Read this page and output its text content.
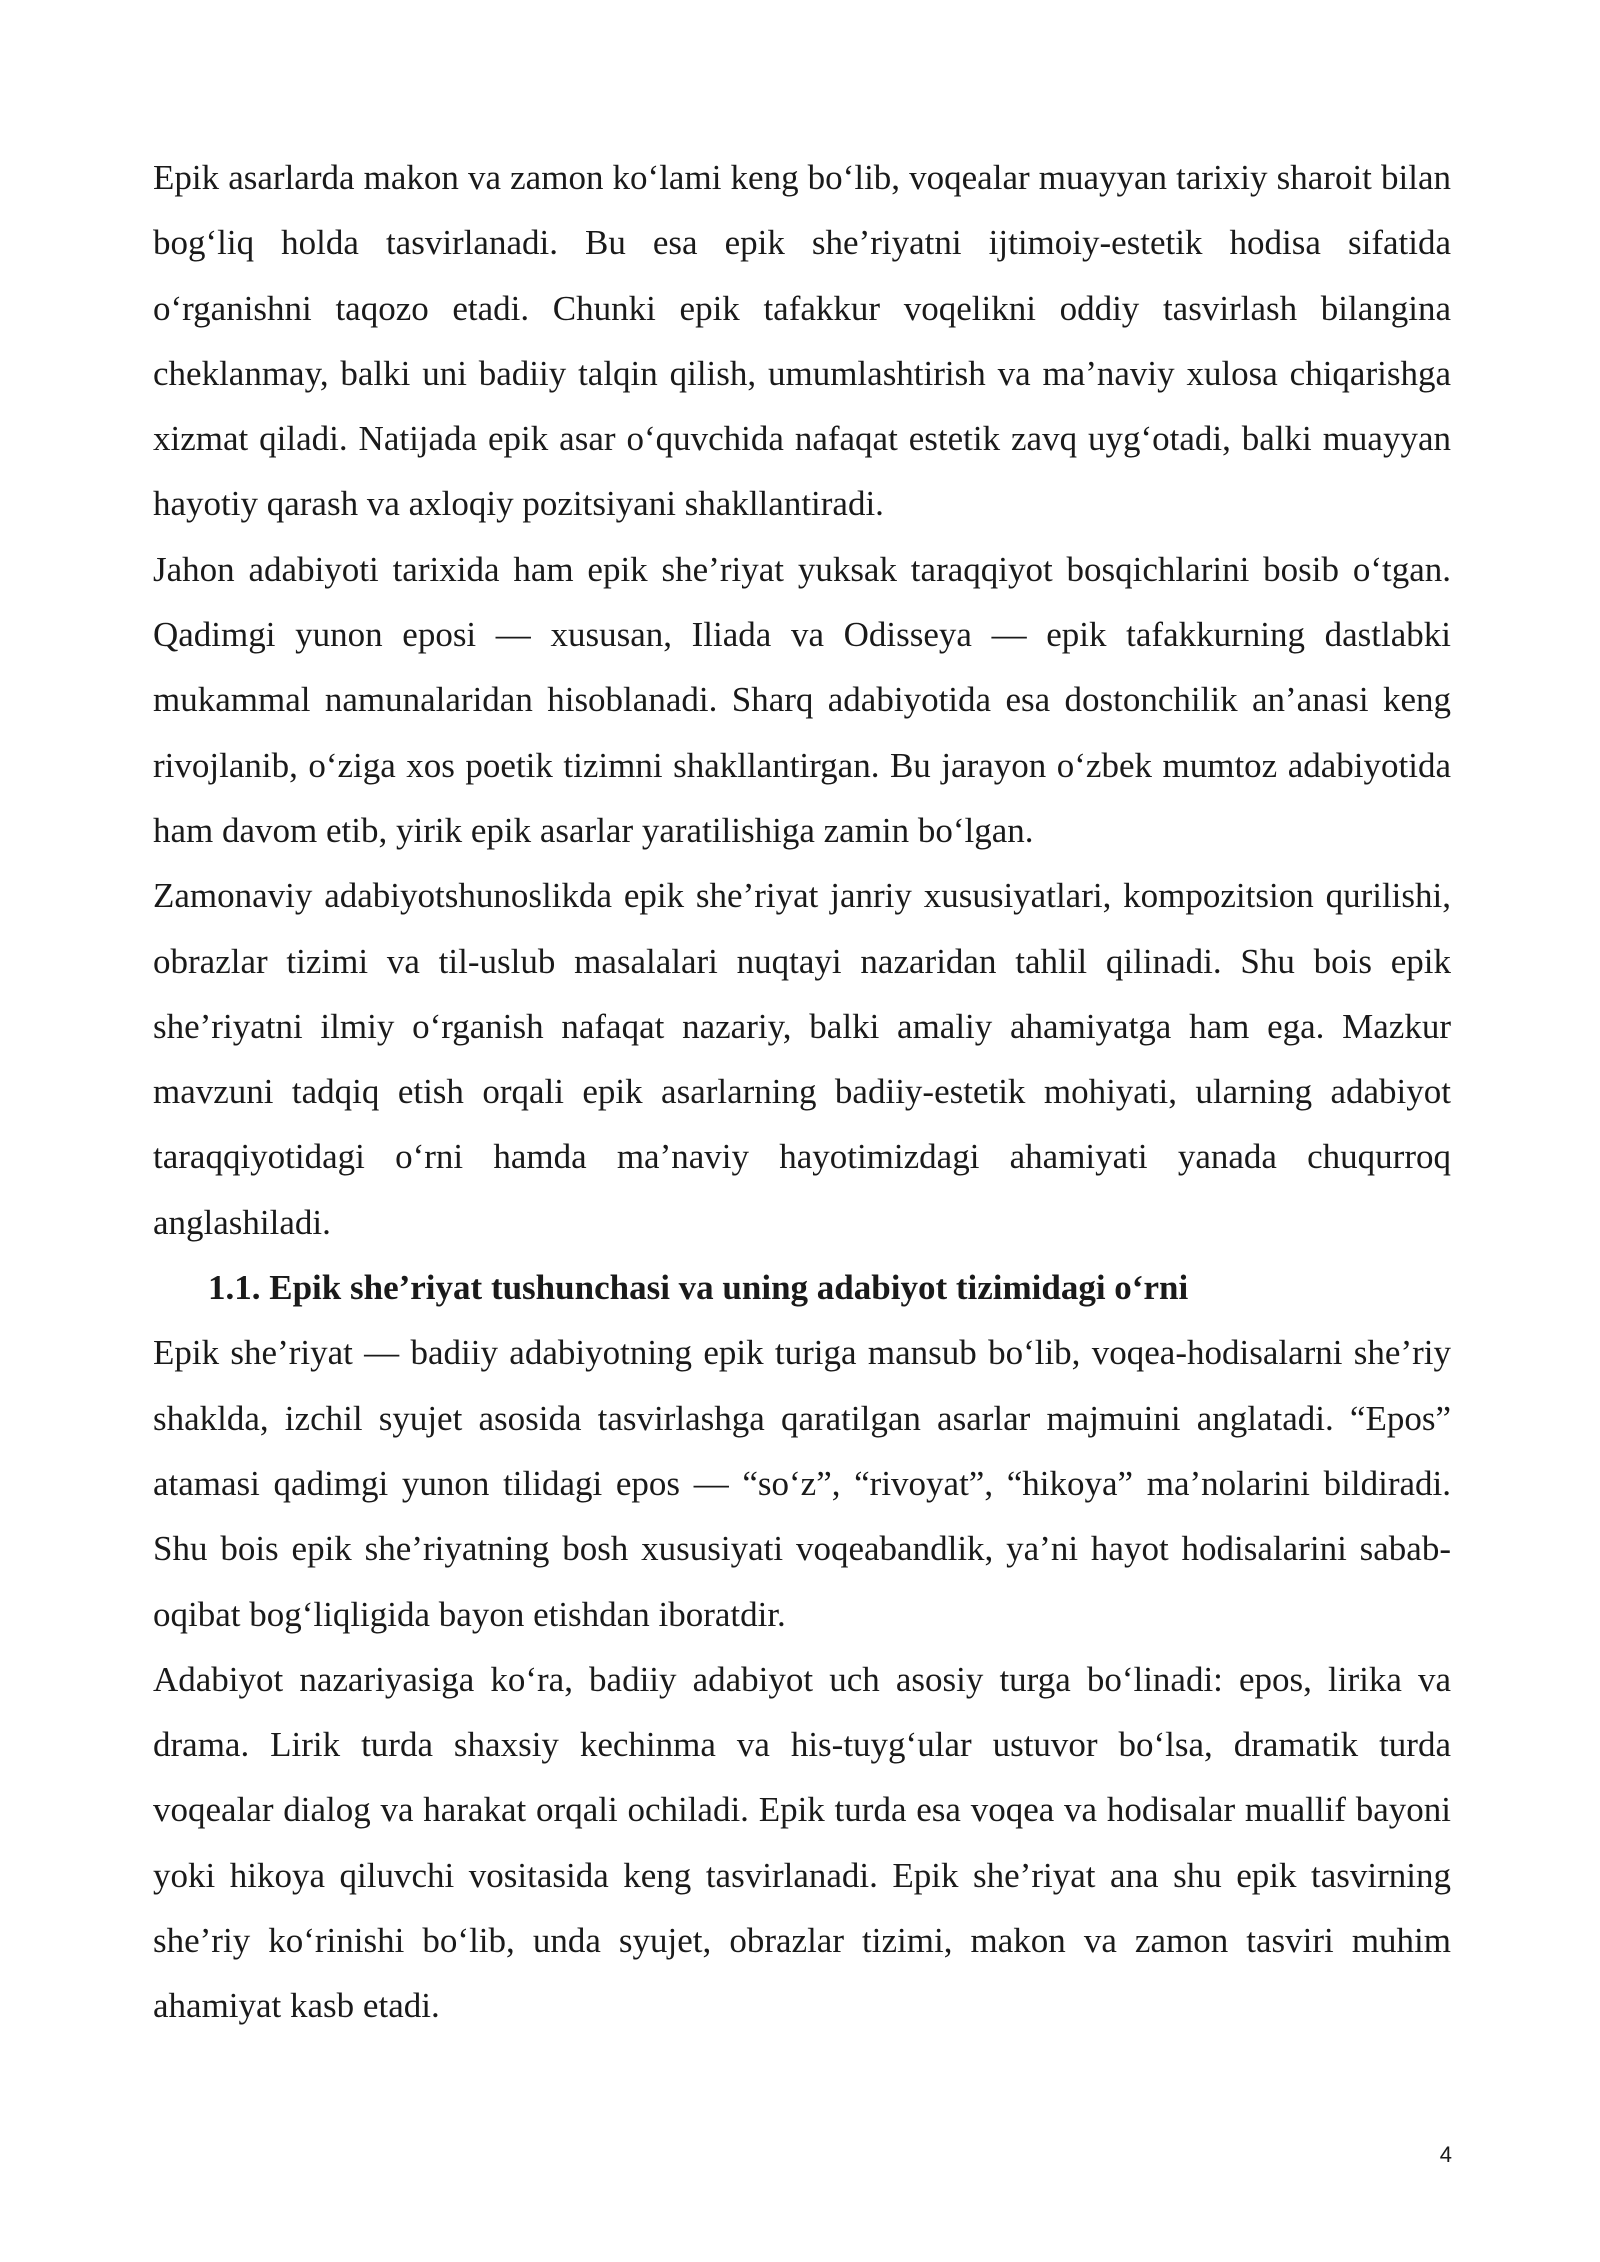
Epik asarlarda makon va zamon ko‘lami keng bo‘lib, voqealar muayyan tarixiy sharoit bilan bog‘liq holda tasvirlanadi. Bu esa epik she’riyatni ijtimoiy-estetik hodisa sifatida o‘rganishni taqozo etadi. Chunki epik tafakkur voqelikni oddiy tasvirlash bilangina cheklanmay, balki uni badiiy talqin qilish, umumlashtirish va ma’naviy xulosa chiqarishga xizmat qiladi. Natijada epik asar o‘quvchida nafaqat estetik zavq uyg‘otadi, balki muayyan hayotiy qarash va axloqiy pozitsiyani shakllantiradi.

Jahon adabiyoti tarixida ham epik she’riyat yuksak taraqqiyot bosqichlarini bosib o‘tgan. Qadimgi yunon eposi — xususan, Iliada va Odisseya — epik tafakkurning dastlabki mukammal namunalaridan hisoblanadi. Sharq adabiyotida esa dostonchilik an’anasi keng rivojlanib, o‘ziga xos poetik tizimni shakllantirgan. Bu jarayon o‘zbek mumtoz adabiyotida ham davom etib, yirik epik asarlar yaratilishiga zamin bo‘lgan.

Zamonaviy adabiyotshunoslikda epik she’riyat janriy xususiyatlari, kompozitsion qurilishi, obrazlar tizimi va til-uslub masalalari nuqtayi nazaridan tahlil qilinadi. Shu bois epik she’riyatni ilmiy o‘rganish nafaqat nazariy, balki amaliy ahamiyatga ham ega. Mazkur mavzuni tadqiq etish orqali epik asarlarning badiiy-estetik mohiyati, ularning adabiyot taraqqiyotidagi o‘rni hamda ma’naviy hayotimizdagi ahamiyati yanada chuqurroq anglashiladi.

1.1. Epik she’riyat tushunchasi va uning adabiyot tizimidagi o‘rni

Epik she’riyat — badiiy adabiyotning epik turiga mansub bo‘lib, voqea-hodisalarni she’riy shaklda, izchil syujet asosida tasvirlashga qaratilgan asarlar majmuini anglatadi. “Epos” atamasi qadimgi yunon tilidagi epos — “so‘z”, “rivoyat”, “hikoya” ma’nolarini bildiradi. Shu bois epik she’riyatning bosh xususiyati voqeabandlik, ya’ni hayot hodisalarini sabab-oqibat bog‘liqligida bayon etishdan iboratdir.

Adabiyot nazariyasiga ko‘ra, badiiy adabiyot uch asosiy turga bo‘linadi: epos, lirika va drama. Lirik turda shaxsiy kechinma va his-tuyg‘ular ustuvor bo‘lsa, dramatik turda voqealar dialog va harakat orqali ochiladi. Epik turda esa voqea va hodisalar muallif bayoni yoki hikoya qiluvchi vositasida keng tasvirlanadi. Epik she’riyat ana shu epik tasvirning she’riy ko‘rinishi bo‘lib, unda syujet, obrazlar tizimi, makon va zamon tasviri muhim ahamiyat kasb etadi.

4
